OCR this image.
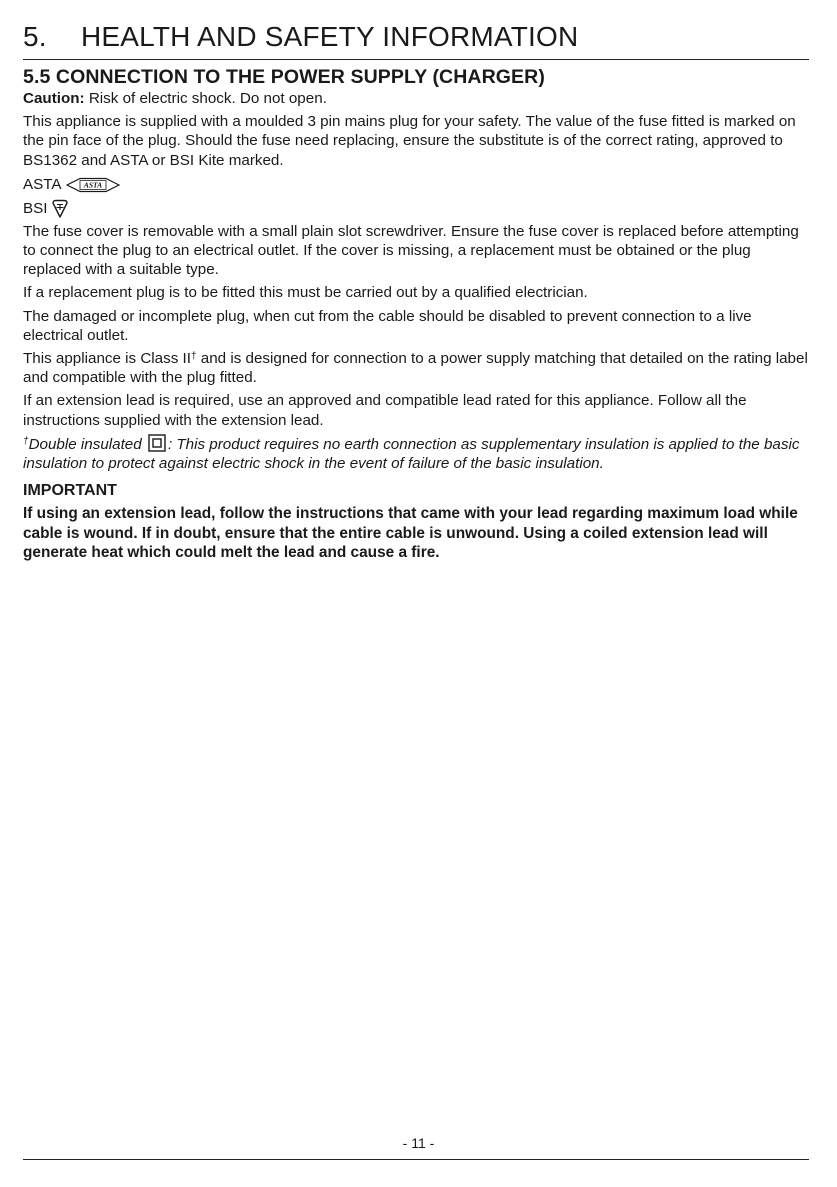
5. HEALTH AND SAFETY INFORMATION
5.5 CONNECTION TO THE POWER SUPPLY (CHARGER)

Caution: Risk of electric shock. Do not open.

This appliance is supplied with a moulded 3 pin mains plug for your safety. The value of the fuse fitted is marked on the pin face of the plug. Should the fuse need replacing, ensure the substitute is of the correct rating, approved to BS1362 and ASTA or BSI Kite marked.

ASTA	ASTA
BSI

The fuse cover is removable with a small plain slot screwdriver. Ensure the fuse cover is replaced before attempting to connect the plug to an electrical outlet. If the cover is missing, a replacement must be obtained or the plug replaced with a suitable type.

If a replacement plug is to be fitted this must be carried out by a qualified electrician.

The damaged or incomplete plug, when cut from the cable should be disabled to prevent connection to a live electrical outlet.

This appliance is Class II† and is designed for connection to a power supply matching that detailed on the rating label and compatible with the plug fitted.

If an extension lead is required, use an approved and compatible lead rated for this appliance. Follow all the instructions supplied with the extension lead.

†Double insulated : This product requires no earth connection as supplementary insulation is applied to the basic insulation to protect against electric shock in the event of failure of the basic insulation.

IMPORTANT
If using an extension lead, follow the instructions that came with your lead regarding maximum load while cable is wound. If in doubt, ensure that the entire cable is unwound. Using a coiled extension lead will generate heat which could melt the lead and cause a fire.
- 11 -
